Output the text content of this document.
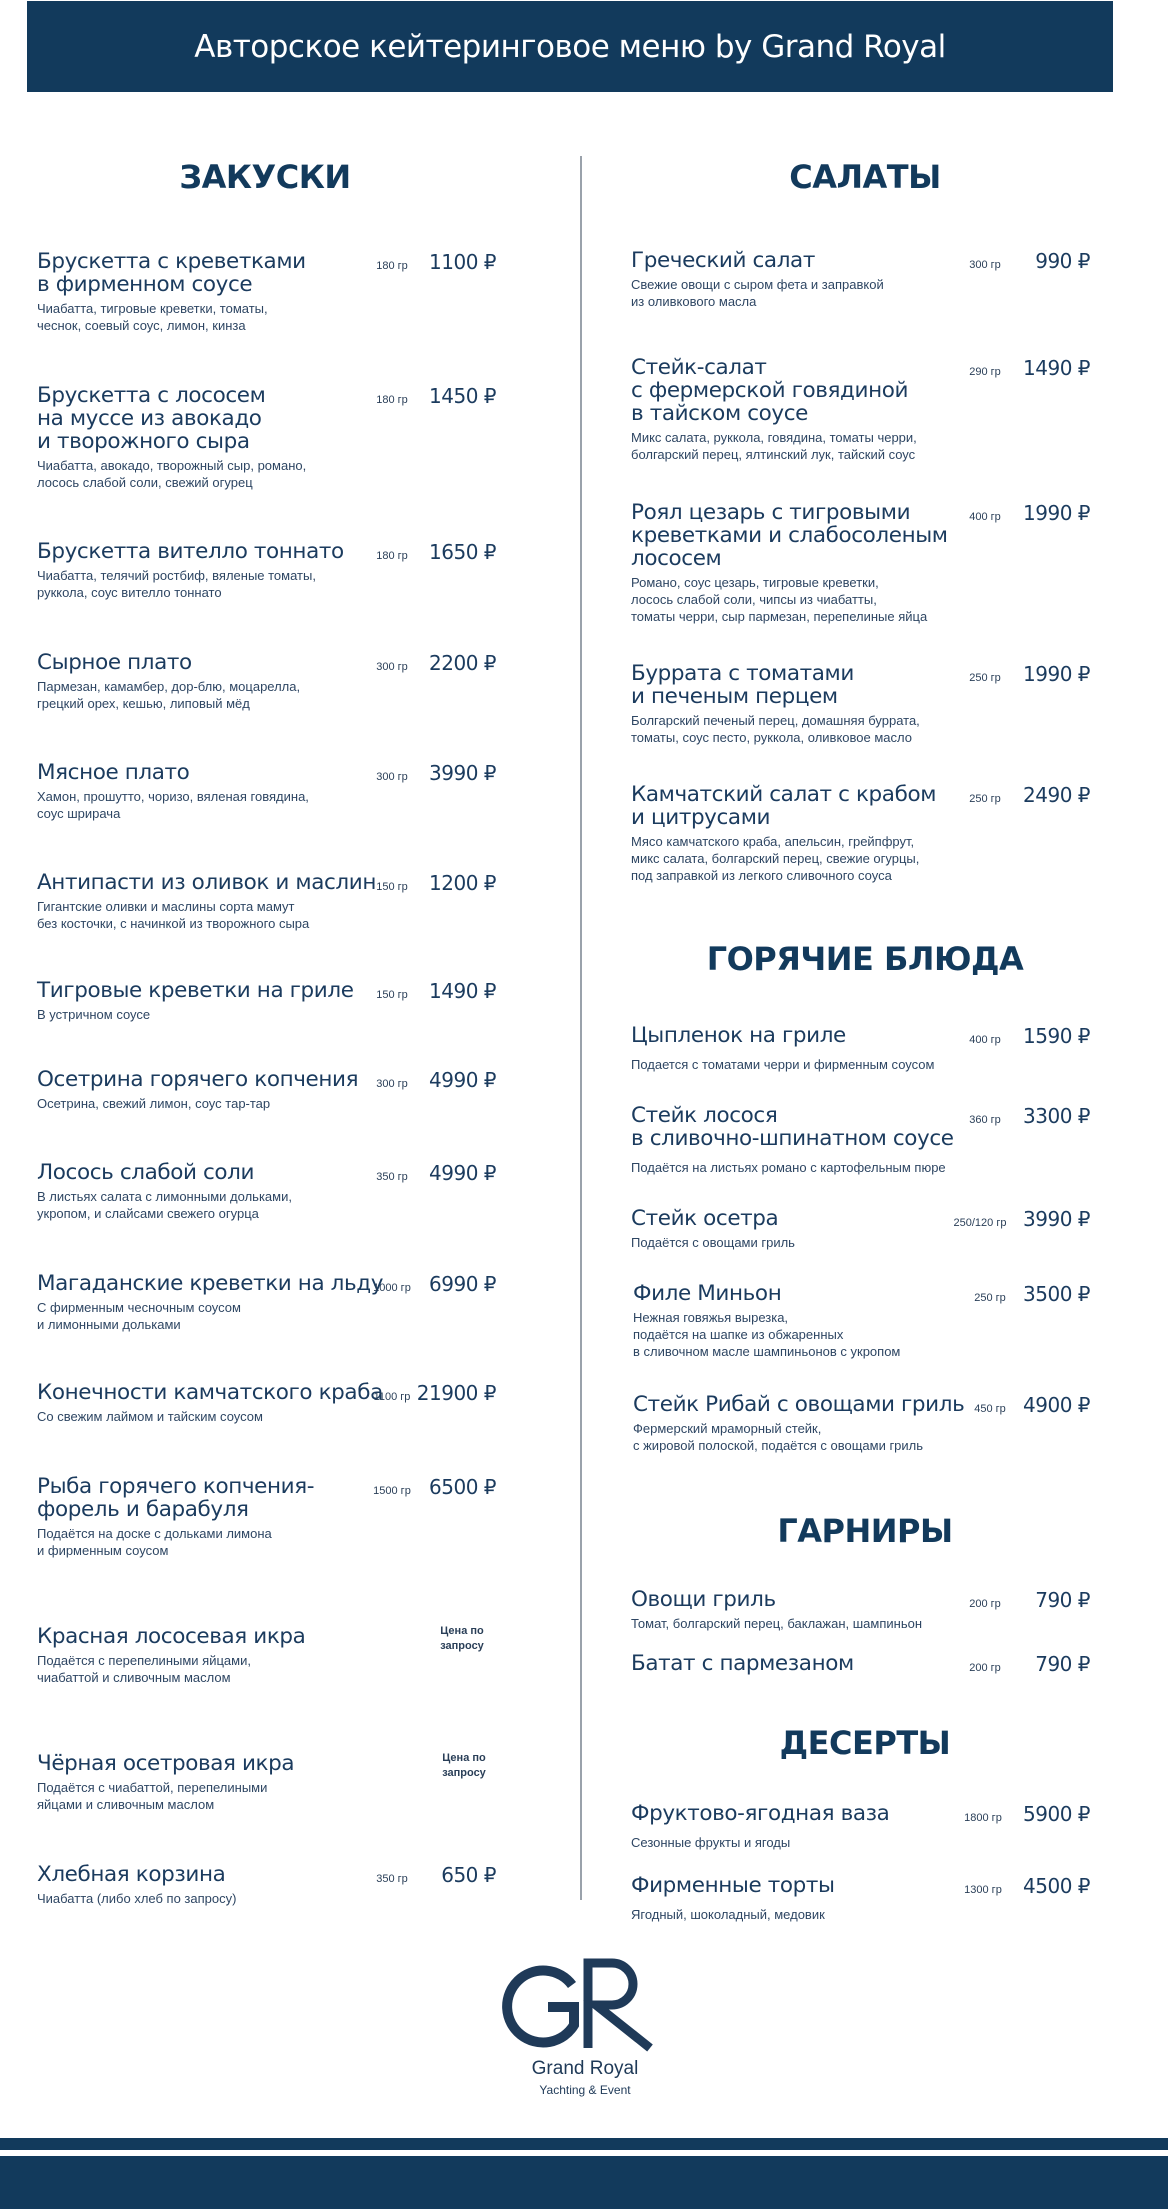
Авторское кейтеринговое меню by Grand Royal
ЗАКУСКИ	САЛАТЫ
ГОРЯЧИЕ БЛЮДА
ГАРНИРЫ
ДЕСЕРТЫ
Брускетта с креветками
в фирменном соусе
Чиабатта, тигровые креветки, томаты,
чеснок, соевый соус, лимон, кинза
180 гр	1100 ₽
Брускетта с лососем
на муссе из авокадо
и творожного сыра
Чиабатта, авокадо, творожный сыр, романо,
лосось слабой соли, свежий огурец
180 гр	1450 ₽
Брускетта вителло тоннато
Чиабатта, телячий ростбиф, вяленые томаты,
руккола, соус вителло тоннато
180 гр	1650 ₽
Сырное плато
Пармезан, камамбер, дор-блю, моцарелла,
грецкий орех, кешью, липовый мёд
300 гр	2200 ₽
Мясное плато
Хамон, прошутто, чоризо, вяленая говядина,
соус шрирача
300 гр	3990 ₽
Антипасти из оливок и маслин
Гигантские оливки и маслины сорта мамут
без косточки, с начинкой из творожного сыра
150 гр	1200 ₽
Тигровые креветки на гриле
В устричном соусе
150 гр	1490 ₽
Осетрина горячего копчения
Осетрина, свежий лимон, соус тар-тар
300 гр	4990 ₽
Лосось слабой соли
В листьях салата с лимонными дольками,
укропом, и слайсами свежего огурца
350 гр	4990 ₽
Магаданские креветки на льду
С фирменным чесночным соусом
и лимонными дольками
1000 гр 6990 ₽
Конечности камчатского краба
Со свежим лаймом и тайским соусом
1100 гр 21900 ₽
Рыба горячего копчения-
форель и барабуля
Подаётся на доске с дольками лимона
и фирменным соусом
1500 гр 6500 ₽
Красная лососевая икра
Подаётся с перепелиными яйцами,
чиабаттой и сливочным маслом
Цена по
запросу
Чёрная осетровая икра
Подаётся с чиабаттой, перепелиными
яйцами и сливочным маслом
Цена по
запросу
Хлебная корзина
Чиабатта (либо хлеб по запросу)
350 гр	650 ₽
Греческий салат
Свежие овощи с сыром фета и заправкой
из оливкового масла
300 гр	990 ₽
Стейк-салат
с фермерской говядиной
в тайском соусе
Микс салата, руккола, говядина, томаты черри,
болгарский перец, ялтинский лук, тайский соус
290 гр	1490 ₽
Роял цезарь с тигровыми
креветками и слабосоленым
лососем
Романо, соус цезарь, тигровые креветки,
лосось слабой соли, чипсы из чиабатты,
томаты черри, сыр пармезан, перепелиные яйца
400 гр	1990 ₽
Буррата с томатами
и печеным перцем
Болгарский печеный перец, домашняя буррата,
томаты, соус песто, руккола, оливковое масло
250 гр	1990 ₽
Камчатский салат с крабом
и цитрусами
Мясо камчатского краба, апельсин, грейпфрут,
микс салата, болгарский перец, свежие огурцы,
под заправкой из легкого сливочного соуса
250 гр	2490 ₽
Цыпленок на гриле
Подается с томатами черри и фирменным соусом
400 гр	1590 ₽
Стейк лосося
в сливочно-шпинатном соусе
Подаётся на листьях романо с картофельным пюре
360 гр	3300 ₽
Стейк осетра
Подаётся с овощами гриль
250/120 гр 3990 ₽
Филе Миньон
Нежная говяжья вырезка,
подаётся на шапке из обжаренных
в сливочном масле шампиньонов с укропом
250 гр 3500 ₽
Стейк Рибай с овощами гриль
Фермерский мраморный стейк,
с жировой полоской, подаётся с овощами гриль
450 гр 4900 ₽
Овощи гриль
Томат, болгарский перец, баклажан, шампиньон
200 гр	790 ₽
Батат с пармезаном	200 гр	790 ₽
Фруктово-ягодная ваза
Сезонные фрукты и ягоды
1800 гр	5900 ₽
Фирменные торты
Ягодный, шоколадный, медовик
1300 гр	4500 ₽
Grand Royal
Yachting & Event
